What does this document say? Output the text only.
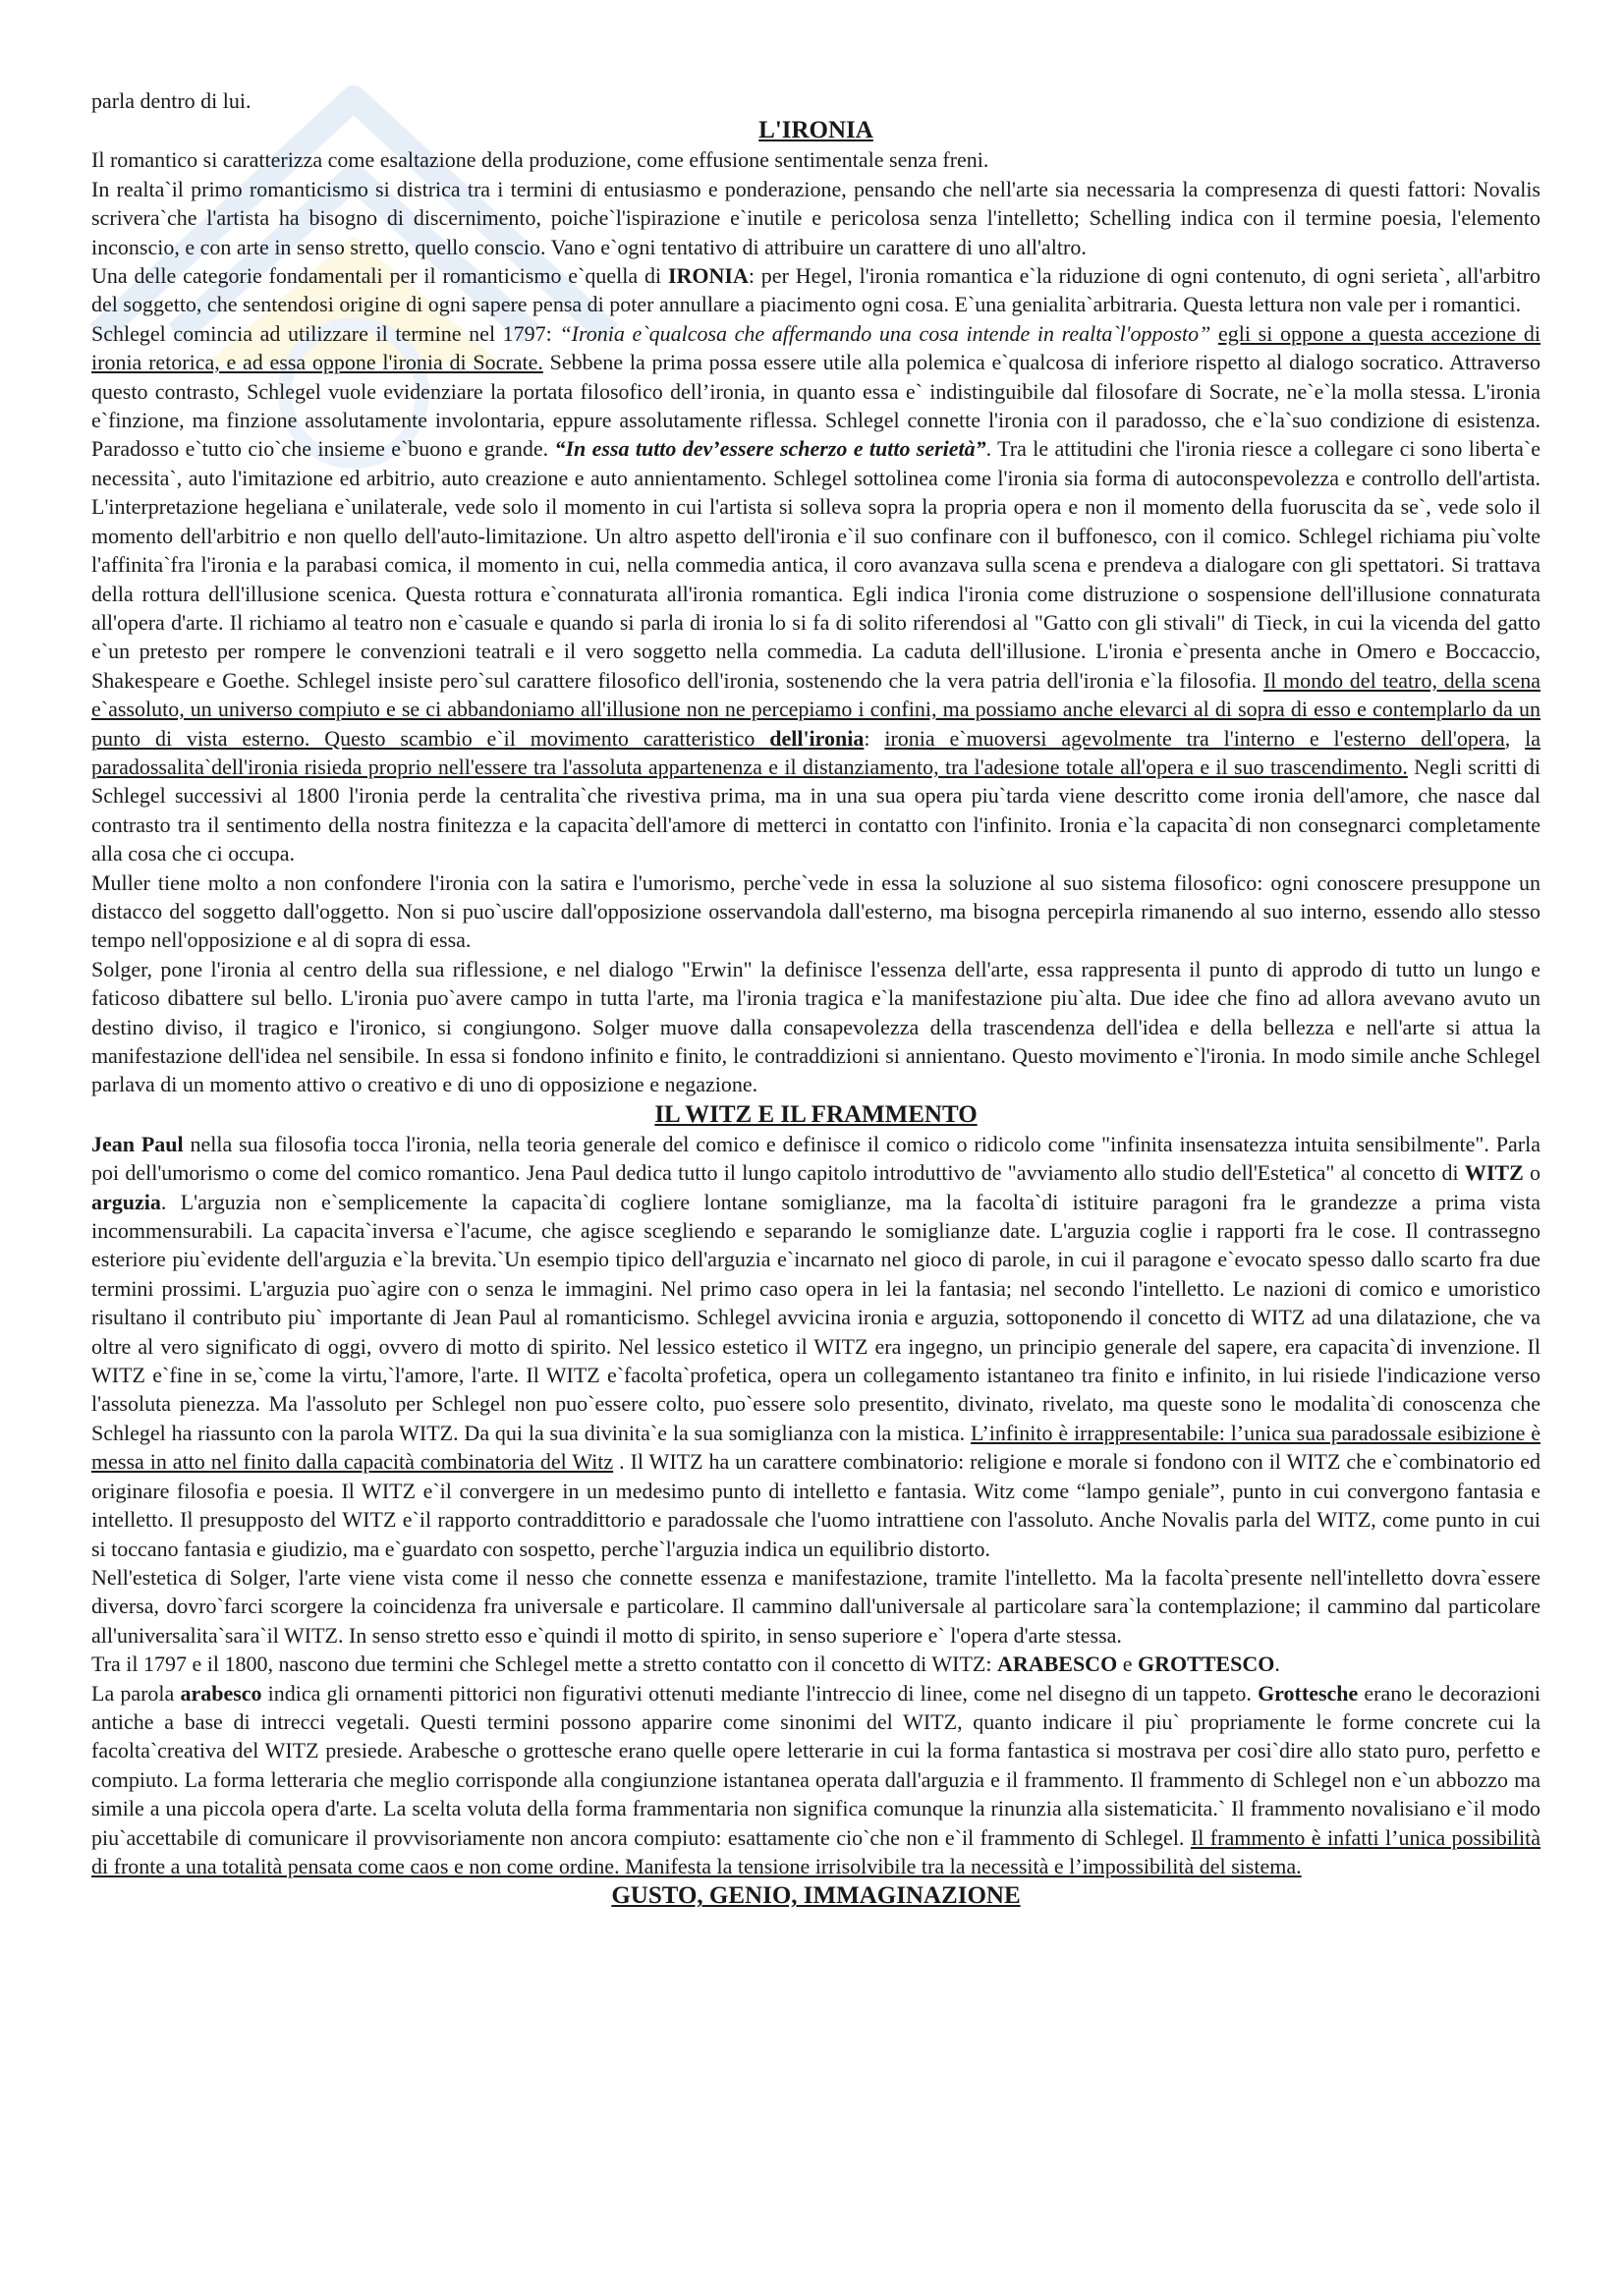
parla dentro di lui.

L'IRONIA

Il romantico si caratterizza come esaltazione della produzione, come effusione sentimentale senza freni.

In realta`il primo romanticismo si districa tra i termini di entusiasmo e ponderazione, pensando che nell'arte sia necessaria la compresenza di questi fattori: Novalis scrivera`che l'artista ha bisogno di discernimento, poiche`l'ispirazione e`inutile e pericolosa senza l'intelletto; Schelling indica con il termine poesia, l'elemento inconscio, e con arte in senso stretto, quello conscio. Vano e`ogni tentativo di attribuire un carattere di uno all'altro.

Una delle categorie fondamentali per il romanticismo e`quella di IRONIA: per Hegel, l'ironia romantica e`la riduzione di ogni contenuto, di ogni serieta`, all'arbitro del soggetto, che sentendosi origine di ogni sapere pensa di poter annullare a piacimento ogni cosa. E`una genialita`arbitraria. Questa lettura non vale per i romantici.

Schlegel comincia ad utilizzare il termine nel 1797: “Ironia e`qualcosa che affermando una cosa intende in realta`l'opposto” egli si oppone a questa accezione di ironia retorica, e ad essa oppone l'ironia di Socrate. Sebbene la prima possa essere utile alla polemica e`qualcosa di inferiore rispetto al dialogo socratico. Attraverso questo contrasto, Schlegel vuole evidenziare la portata filosofico dell’ironia, in quanto essa e` indistinguibile dal filosofare di Socrate, ne`e`la molla stessa. L'ironia e`finzione, ma finzione assolutamente involontaria, eppure assolutamente riflessa. Schlegel connette l'ironia con il paradosso, che e`la`suo condizione di esistenza. Paradosso e`tutto cio`che insieme e`buono e grande. “In essa tutto dev’essere scherzo e tutto serietà”. Tra le attitudini che l'ironia riesce a collegare ci sono liberta`e necessita`, auto l'imitazione ed arbitrio, auto creazione e auto annientamento. Schlegel sottolinea come l'ironia sia forma di autoconspevolezza e controllo dell'artista. L'interpretazione hegeliana e`unilaterale, vede solo il momento in cui l'artista si solleva sopra la propria opera e non il momento della fuoruscita da se`, vede solo il momento dell'arbitrio e non quello dell'auto-limitazione. Un altro aspetto dell'ironia e`il suo confinare con il buffonesco, con il comico. Schlegel richiama piu`volte l'affinita`fra l'ironia e la parabasi comica, il momento in cui, nella commedia antica, il coro avanzava sulla scena e prendeva a dialogare con gli spettatori. Si trattava della rottura dell'illusione scenica. Questa rottura e`connaturata all'ironia romantica. Egli indica l'ironia come distruzione o sospensione dell'illusione connaturata all'opera d'arte. Il richiamo al teatro non e`casuale e quando si parla di ironia lo si fa di solito riferendosi al "Gatto con gli stivali" di Tieck, in cui la vicenda del gatto e`un pretesto per rompere le convenzioni teatrali e il vero soggetto nella commedia. La caduta dell'illusione. L'ironia e`presenta anche in Omero e Boccaccio, Shakespeare e Goethe. Schlegel insiste pero`sul carattere filosofico dell'ironia, sostenendo che la vera patria dell'ironia e`la filosofia. Il mondo del teatro, della scena e`assoluto, un universo compiuto e se ci abbandoniamo all'illusione non ne percepiamo i confini, ma possiamo anche elevarci al di sopra di esso e contemplarlo da un punto di vista esterno. Questo scambio e`il movimento caratteristico dell'ironia: ironia e`muoversi agevolmente tra l'interno e l'esterno dell'opera, la paradossalita`dell'ironia risieda proprio nell'essere tra l'assoluta appartenenza e il distanziamento, tra l'adesione totale all'opera e il suo trascendimento. Negli scritti di Schlegel successivi al 1800 l'ironia perde la centralita`che rivestiva prima, ma in una sua opera piu`tarda viene descritto come ironia dell'amore, che nasce dal contrasto tra il sentimento della nostra finitezza e la capacita`dell'amore di metterci in contatto con l'infinito. Ironia e`la capacita`di non consegnarci completamente alla cosa che ci occupa.

Muller tiene molto a non confondere l'ironia con la satira e l'umorismo, perche`vede in essa la soluzione al suo sistema filosofico: ogni conoscere presuppone un distacco del soggetto dall'oggetto. Non si puo`uscire dall'opposizione osservandola dall'esterno, ma bisogna percepirla rimanendo al suo interno, essendo allo stesso tempo nell'opposizione e al di sopra di essa.

Solger, pone l'ironia al centro della sua riflessione, e nel dialogo "Erwin" la definisce l'essenza dell'arte, essa rappresenta il punto di approdo di tutto un lungo e faticoso dibattere sul bello. L'ironia puo`avere campo in tutta l'arte, ma l'ironia tragica e`la manifestazione piu`alta. Due idee che fino ad allora avevano avuto un destino diviso, il tragico e l'ironico, si congiungono. Solger muove dalla consapevolezza della trascendenza dell'idea e della bellezza e nell'arte si attua la manifestazione dell'idea nel sensibile. In essa si fondono infinito e finito, le contraddizioni si annientano. Questo movimento e`l'ironia. In modo simile anche Schlegel parlava di un momento attivo o creativo e di uno di opposizione e negazione.

IL WITZ E IL FRAMMENTO

Jean Paul nella sua filosofia tocca l'ironia, nella teoria generale del comico e definisce il comico o ridicolo come "infinita insensatezza intuita sensibilmente". Parla poi dell'umorismo o come del comico romantico. Jena Paul dedica tutto il lungo capitolo introduttivo de "avviamento allo studio dell'Estetica" al concetto di WITZ o arguzia. L'arguzia non e`semplicemente la capacita`di cogliere lontane somiglianze, ma la facolta`di istituire paragoni fra le grandezze a prima vista incommensurabili. La capacita`inversa e`l'acume, che agisce scegliendo e separando le somiglianze date. L'arguzia coglie i rapporti fra le cose. Il contrassegno esteriore piu`evidente dell'arguzia e`la brevita.`Un esempio tipico dell'arguzia e`incarnato nel gioco di parole, in cui il paragone e`evocato spesso dallo scarto fra due termini prossimi. L'arguzia puo`agire con o senza le immagini. Nel primo caso opera in lei la fantasia; nel secondo l'intelletto. Le nazioni di comico e umoristico risultano il contributo piu` importante di Jean Paul al romanticismo. Schlegel avvicina ironia e arguzia, sottoponendo il concetto di WITZ ad una dilatazione, che va oltre al vero significato di oggi, ovvero di motto di spirito. Nel lessico estetico il WITZ era ingegno, un principio generale del sapere, era capacita`di invenzione. Il WITZ e`fine in se,`come la virtu,`l'amore, l'arte. Il WITZ e`facolta`profetica, opera un collegamento istantaneo tra finito e infinito, in lui risiede l'indicazione verso l'assoluta pienezza. Ma l'assoluto per Schlegel non puo`essere colto, puo`essere solo presentito, divinato, rivelato, ma queste sono le modalita`di conoscenza che Schlegel ha riassunto con la parola WITZ. Da qui la sua divinita`e la sua somiglianza con la mistica. L’infinito è irrappresentabile: l’unica sua paradossale esibizione è messa in atto nel finito dalla capacità combinatoria del Witz . Il WITZ ha un carattere combinatorio: religione e morale si fondono con il WITZ che e`combinatorio ed originare filosofia e poesia. Il WITZ e`il convergere in un medesimo punto di intelletto e fantasia. Witz come “lampo geniale”, punto in cui convergono fantasia e intelletto. Il presupposto del WITZ e`il rapporto contraddittorio e paradossale che l'uomo intrattiene con l'assoluto. Anche Novalis parla del WITZ, come punto in cui si toccano fantasia e giudizio, ma e`guardato con sospetto, perche`l'arguzia indica un equilibrio distorto.

Nell'estetica di Solger, l'arte viene vista come il nesso che connette essenza e manifestazione, tramite l'intelletto. Ma la facolta`presente nell'intelletto dovra`essere diversa, dovro`farci scorgere la coincidenza fra universale e particolare. Il cammino dall'universale al particolare sara`la contemplazione; il cammino dal particolare all'universalita`sara`il WITZ. In senso stretto esso e`quindi il motto di spirito, in senso superiore e` l'opera d'arte stessa.

Tra il 1797 e il 1800, nascono due termini che Schlegel mette a stretto contatto con il concetto di WITZ: ARABESCO e GROTTESCO.

La parola arabesco indica gli ornamenti pittorici non figurativi ottenuti mediante l'intreccio di linee, come nel disegno di un tappeto. Grottesche erano le decorazioni antiche a base di intrecci vegetali. Questi termini possono apparire come sinonimi del WITZ, quanto indicare il piu` propriamente le forme concrete cui la facolta`creativa del WITZ presiede. Arabesche o grottesche erano quelle opere letterarie in cui la forma fantastica si mostrava per cosi`dire allo stato puro, perfetto e compiuto. La forma letteraria che meglio corrisponde alla congiunzione istantanea operata dall'arguzia e il frammento. Il frammento di Schlegel non e`un abbozzo ma simile a una piccola opera d'arte. La scelta voluta della forma frammentaria non significa comunque la rinunzia alla sistematicita.` Il frammento novalisiano e`il modo piu`accettabile di comunicare il provvisoriamente non ancora compiuto: esattamente cio`che non e`il frammento di Schlegel. Il frammento è infatti l’unica possibilità di fronte a una totalità pensata come caos e non come ordine. Manifesta la tensione irrisolvibile tra la necessità e l’impossibilità del sistema.

GUSTO, GENIO, IMMAGINAZIONE
